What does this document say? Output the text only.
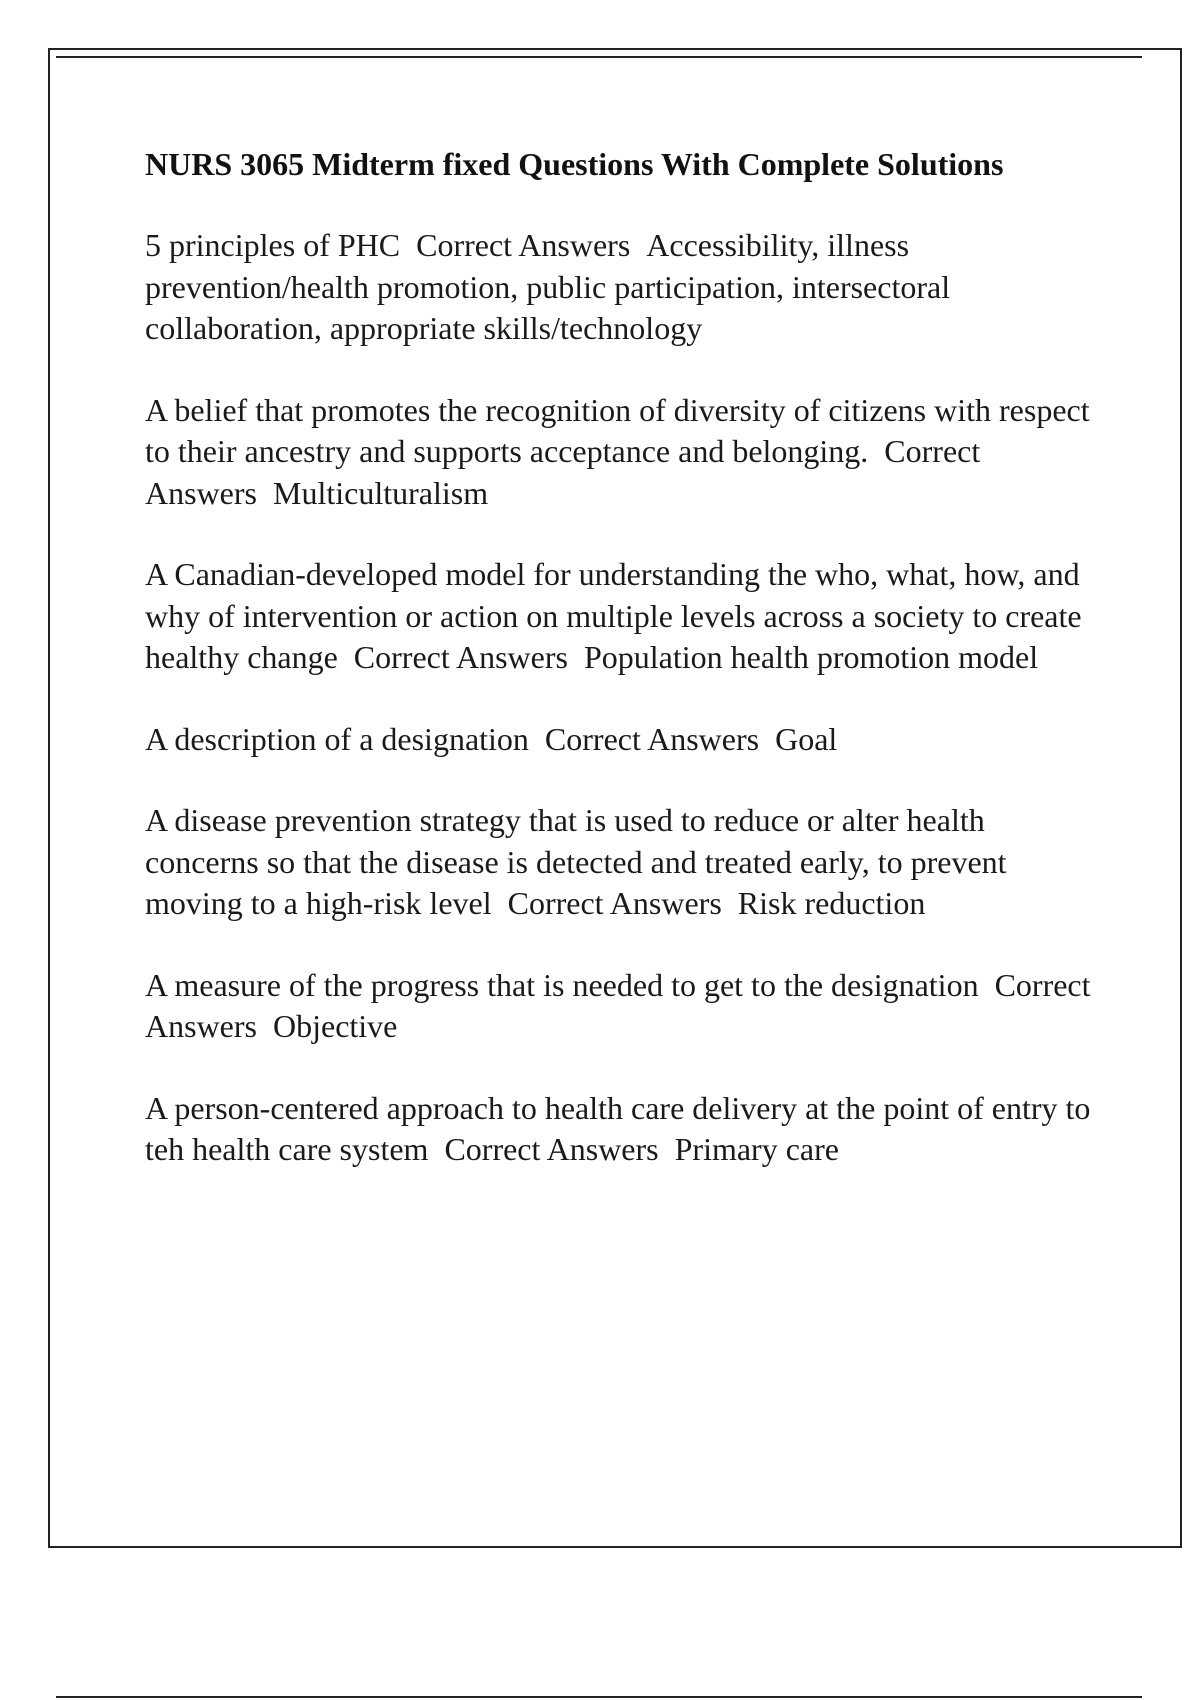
NURS 3065 Midterm fixed Questions With Complete Solutions
5 principles of PHC Correct Answers Accessibility, illness prevention/health promotion, public participation, intersectoral collaboration, appropriate skills/technology
A belief that promotes the recognition of diversity of citizens with respect to their ancestry and supports acceptance and belonging. Correct Answers Multiculturalism
A Canadian-developed model for understanding the who, what, how, and why of intervention or action on multiple levels across a society to create healthy change Correct Answers Population health promotion model
A description of a designation Correct Answers Goal
A disease prevention strategy that is used to reduce or alter health concerns so that the disease is detected and treated early, to prevent moving to a high-risk level Correct Answers Risk reduction
A measure of the progress that is needed to get to the designation Correct Answers Objective
A person-centered approach to health care delivery at the point of entry to teh health care system Correct Answers Primary care
